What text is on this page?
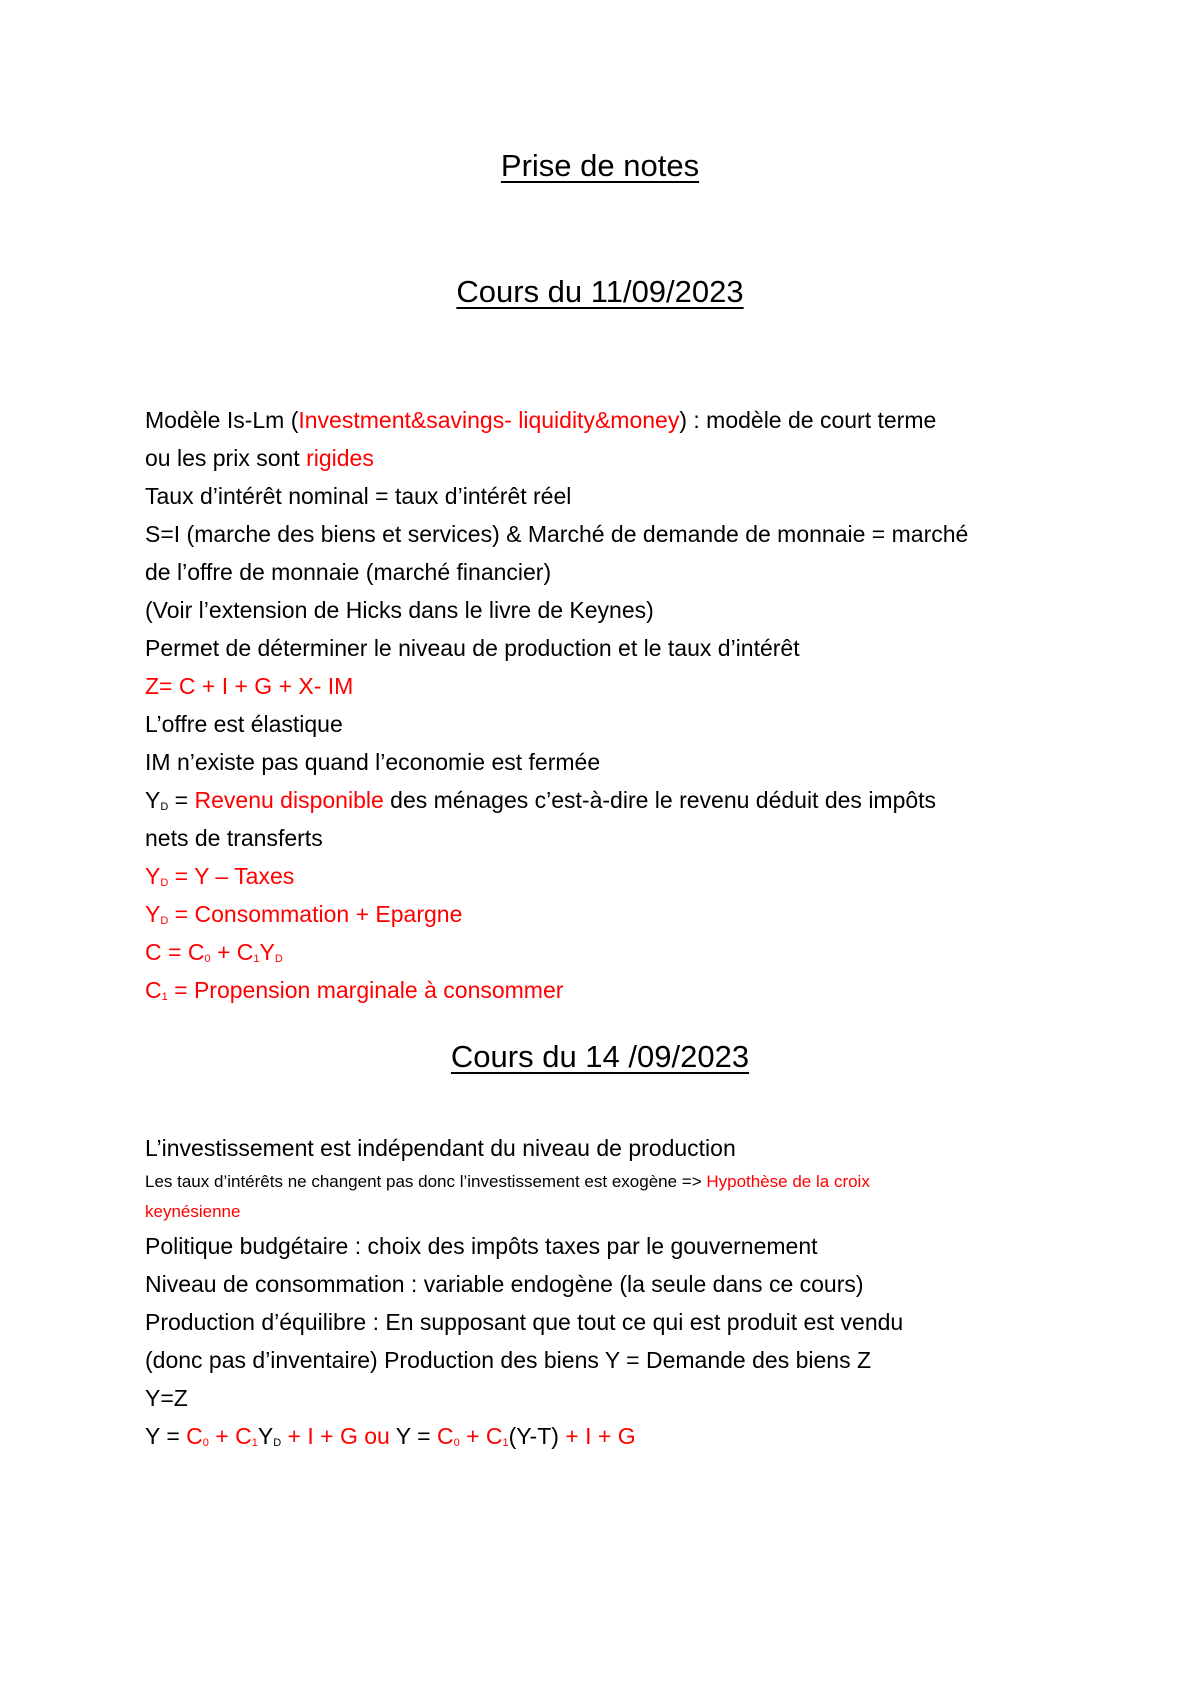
Prise de notes
Cours du 11/09/2023
Modèle Is-Lm (Investment&savings- liquidity&money) : modèle de court terme
ou les prix sont rigides
Taux d’intérêt nominal = taux d’intérêt réel
S=I (marche des biens et services) & Marché de demande de monnaie = marché
de l’offre de monnaie (marché financier)
(Voir l’extension de Hicks dans le livre de Keynes)
Permet de déterminer le niveau de production et le taux d’intérêt
Z= C + I + G + X- IM
L’offre est élastique
IM n’existe pas quand l’economie est fermée
$Y_D$ = Revenu disponible des ménages c’est-à-dire le revenu déduit des impôts
nets de transferts
$Y_D = Y$ – Taxes
$Y_D$ = Consommation + Epargne
$C = C_0 + C_1Y_D$
$C_1$ = Propension marginale à consommer
Cours du 14 /09/2023
L’investissement est indépendant du niveau de production
Les taux d’intérêts ne changent pas donc l’investissement est exogène => Hypothèse de la croix
keynésienne
Politique budgétaire : choix des impôts taxes par le gouvernement
Niveau de consommation : variable endogène (la seule dans ce cours)
Production d’équilibre : En supposant que tout ce qui est produit est vendu
(donc pas d’inventaire) Production des biens Y = Demande des biens Z
Y=Z
$Y = C_0 + C_1Y_D + I + G$ ou $Y = C_0 + C_1(Y-T) + I + G$
